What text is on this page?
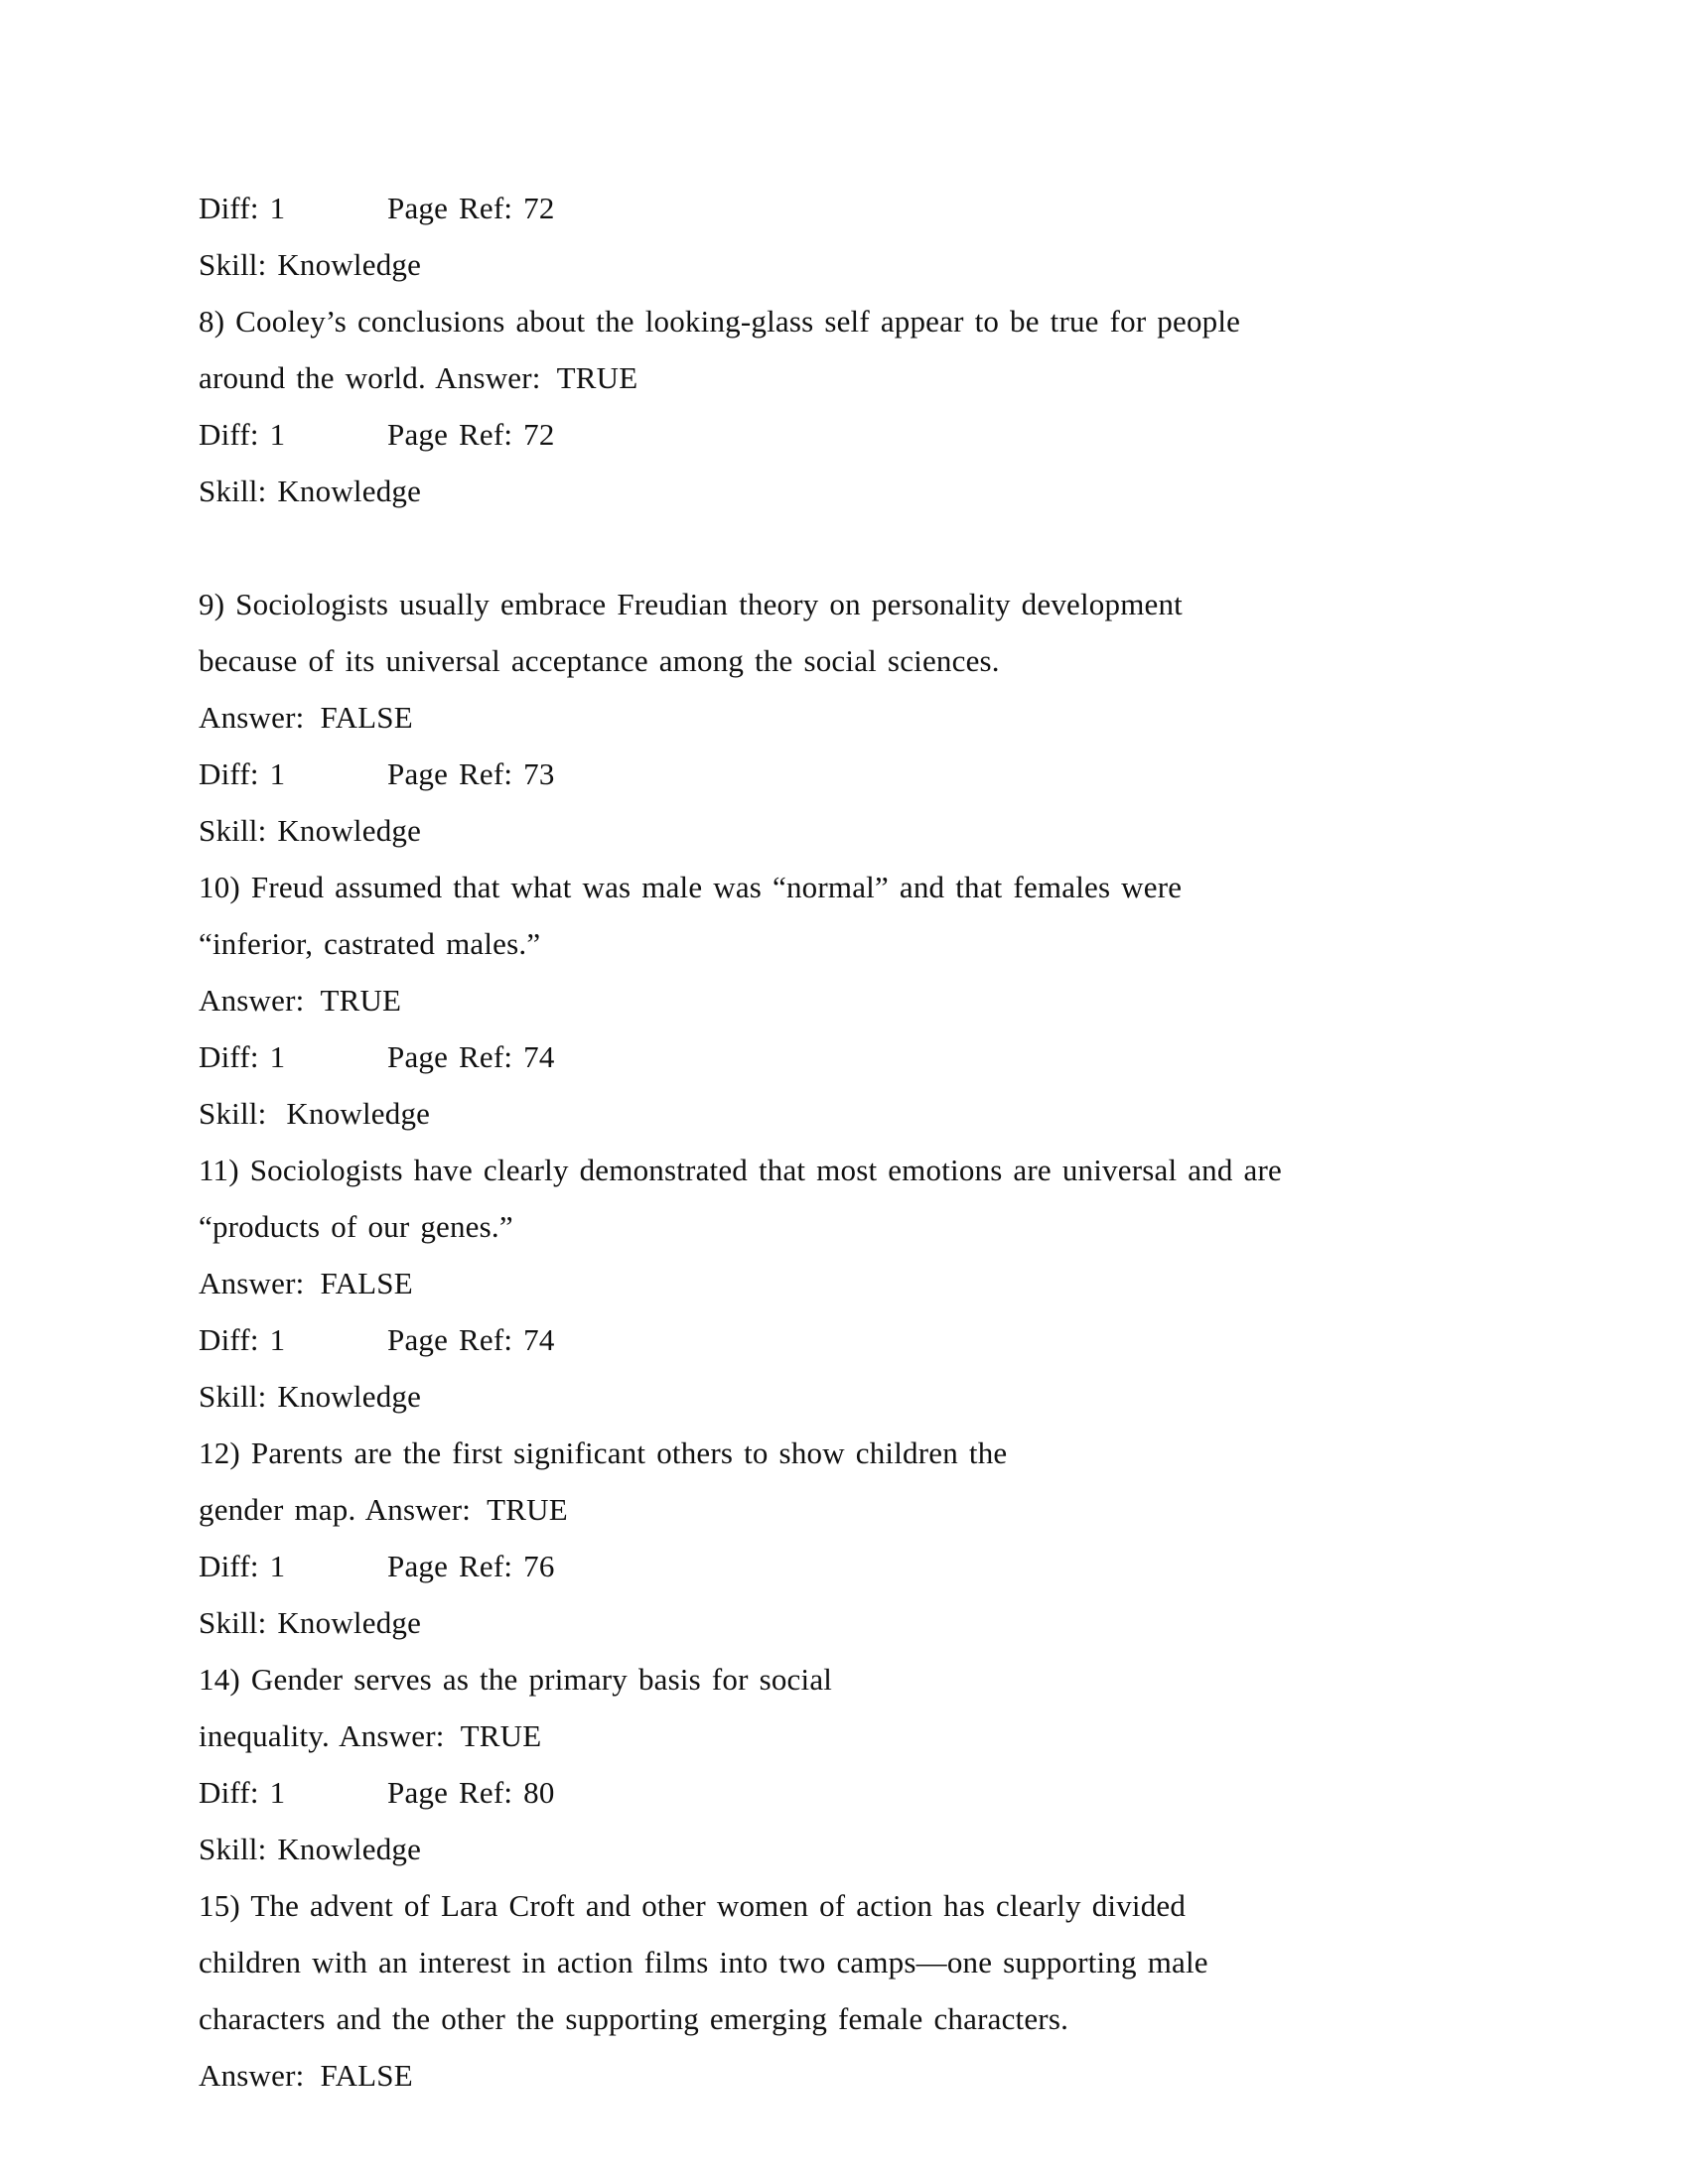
Diff: 1	Page Ref: 72
Skill: Knowledge
8) Cooley’s conclusions about the looking-glass self appear to be true for people
around the world. Answer: TRUE
Diff: 1	Page Ref: 72
Skill: Knowledge
9) Sociologists usually embrace Freudian theory on personality development
because of its universal acceptance among the social sciences.
Answer: FALSE
Diff: 1	Page Ref: 73
Skill: Knowledge
10) Freud assumed that what was male was “normal” and that females were
“inferior, castrated males.”
Answer: TRUE
Diff: 1	Page Ref: 74
Skill: Knowledge
11) Sociologists have clearly demonstrated that most emotions are universal and are
“products of our genes.”
Answer: FALSE
Diff: 1	Page Ref: 74
Skill: Knowledge
12) Parents are the first significant others to show children the
gender map. Answer: TRUE
Diff: 1	Page Ref: 76
Skill: Knowledge
14) Gender serves as the primary basis for social
inequality. Answer: TRUE
Diff: 1	Page Ref: 80
Skill: Knowledge
15) The advent of Lara Croft and other women of action has clearly divided
children with an interest in action films into two camps—one supporting male
characters and the other the supporting emerging female characters.
Answer: FALSE
